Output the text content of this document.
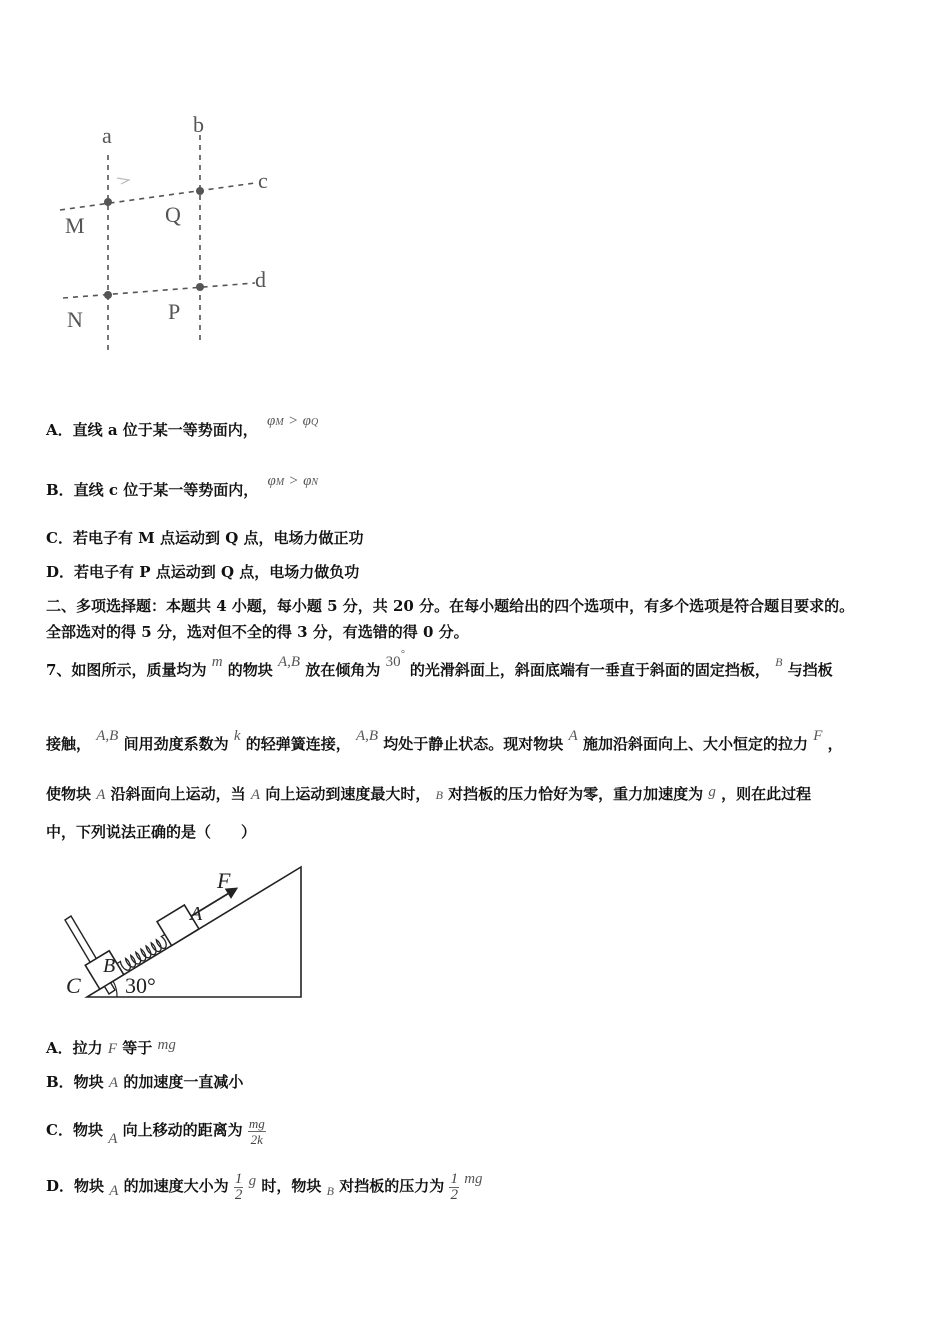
a	b
c
d
M	Q
N	P
A．直线 a 位于某一等势面内， φM > φQ
B．直线 c 位于某一等势面内， φM > φN
C．若电子有 M 点运动到 Q 点，电场力做正功
D．若电子有 P 点运动到 Q 点，电场力做负功
二、多项选择题：本题共 4 小题，每小题 5 分，共 20 分。在每小题给出的四个选项中，有多个选项是符合题目要求的。
全部选对的得 5 分，选对但不全的得 3 分，有选错的得 0 分。
7、如图所示，质量均为 m 的物块 A,B 放在倾角为 30° 的光滑斜面上，斜面底端有一垂直于斜面的固定挡板， $^B$ 与挡板
接触， A,B 间用劲度系数为 k 的轻弹簧连接， A,B 均处于静止状态。现对物块 A 施加沿斜面向上、大小恒定的拉力 F ，
使物块 A 沿斜面向上运动，当 A 向上运动到速度最大时， B 对挡板的压力恰好为零，重力加速度为 g ，则在此过程
中，下列说法正确的是（　　）
F
A
B
C 30°
A．拉力 F 等于 mg
B．物块 A 的加速度一直减小
C．物块 A 向上移动的距离为 $\frac{mg}{2k}$
D．物块 A 的加速度大小为 $\frac{1}{2}$ g 时，物块 $_B$ 对挡板的压力为 $\frac{1}{2}$ mg
